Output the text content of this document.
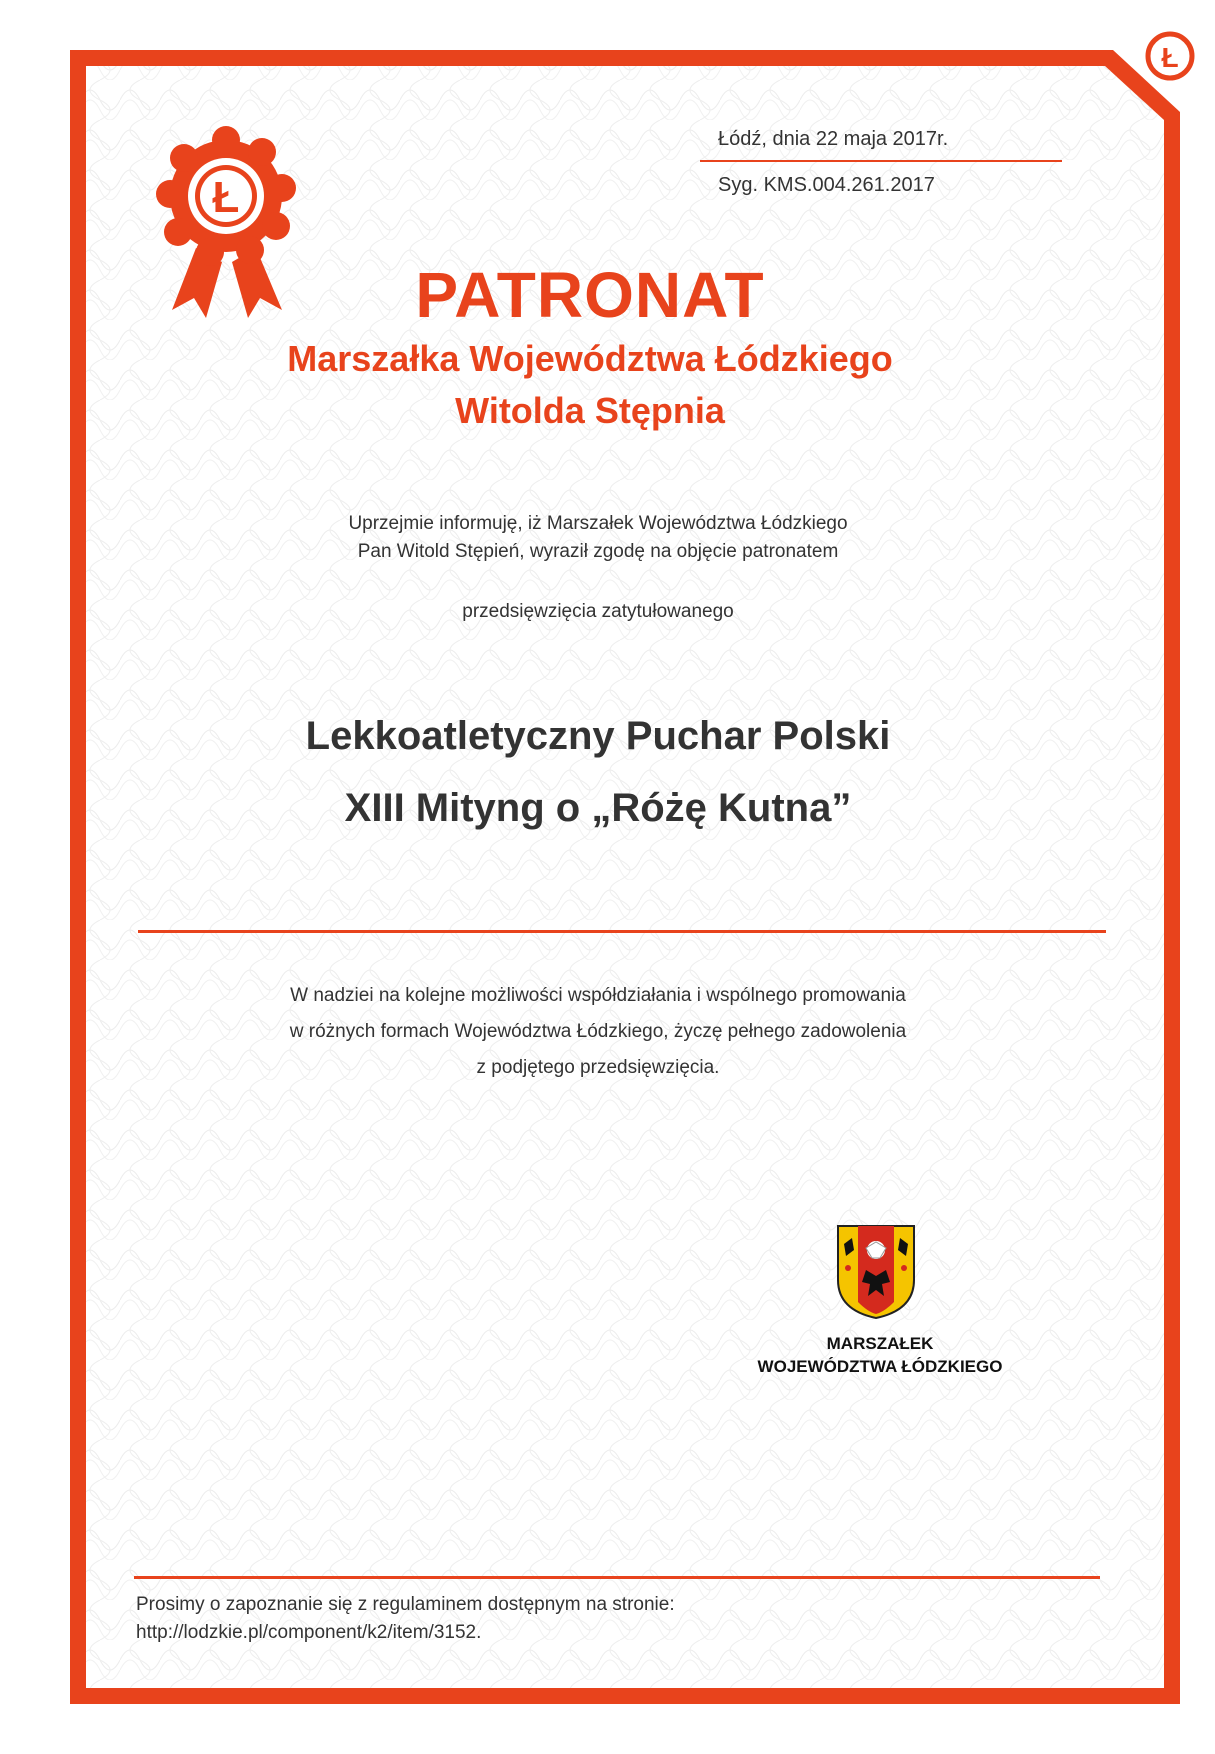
Ł
Ł

Łódź, dnia 22 maja 2017r.

Syg. KMS.004.261.2017

PATRONAT
Marszałka Województwa Łódzkiego
Witolda Stępnia
Uprzejmie informuję, iż Marszałek Województwa Łódzkiego
Pan Witold Stępień, wyraził zgodę na objęcie patronatem
przedsięwzięcia zatytułowanego
Lekkoatletyczny Puchar Polski
XIII Mityng o „Różę Kutna”
W nadziei na kolejne możliwości współdziałania i wspólnego promowania
w różnych formach Województwa Łódzkiego, życzę pełnego zadowolenia
z podjętego przedsięwzięcia.
MARSZAŁEK
WOJEWÓDZTWA ŁÓDZKIEGO
Prosimy o zapoznanie się z regulaminem dostępnym na stronie:
http://lodzkie.pl/component/k2/item/3152.
